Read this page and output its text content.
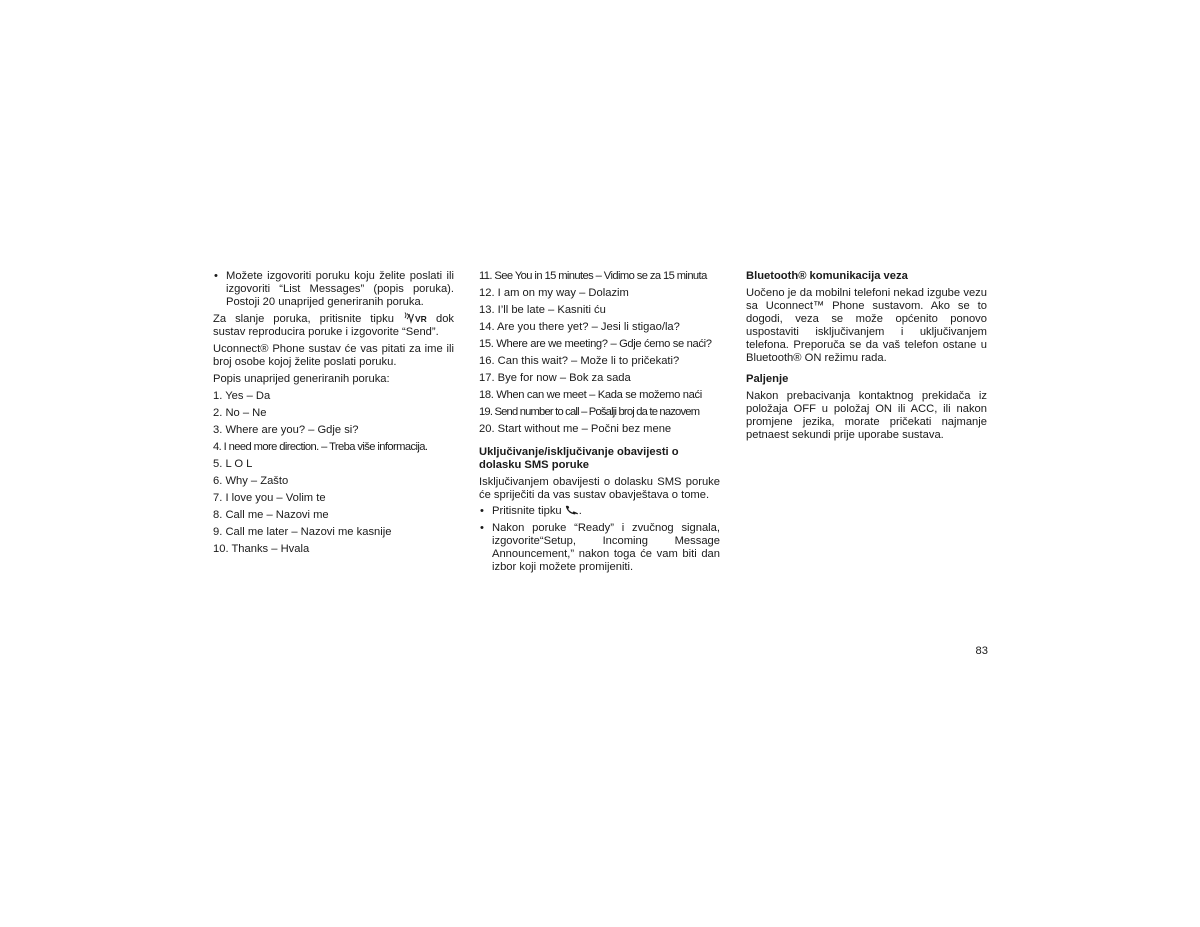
• Možete izgovoriti poruku koju želite poslati ili izgovoriti “List Messages” (popis poruka). Postoji 20 unaprijed generiranih poruka.

Za slanje poruka, pritisnite tipku VR dok sustav reproducira poruke i izgovorite “Send”.

Uconnect® Phone sustav će vas pitati za ime ili broj osobe kojoj želite poslati poruku.

Popis unaprijed generiranih poruka:

1. Yes – Da

2. No – Ne

3. Where are you? – Gdje si?

4. I need more direction. – Treba više informacija.

5. L O L

6. Why – Zašto

7. I love you – Volim te

8. Call me – Nazovi me

9. Call me later – Nazovi me kasnije

10. Thanks – Hvala

11. See You in 15 minutes – Vidimo se za 15 minuta

12. I am on my way – Dolazim

13. I’ll be late – Kasniti ću

14. Are you there yet? – Jesi li stigao/la?

15. Where are we meeting? – Gdje ćemo se naći?

16. Can this wait? – Može li to pričekati?

17. Bye for now – Bok za sada

18. When can we meet – Kada se možemo naći

19. Send number to call – Pošalji broj da te nazovem

20. Start without me – Počni bez mene

Uključivanje/isključivanje obavijesti o dolasku SMS poruke

Isključivanjem obavijesti o dolasku SMS poruke će spriječiti da vas sustav obavještava o tome.

• Pritisnite tipku .
• Nakon poruke “Ready” i zvučnog signala, izgovorite“Setup, Incoming Message Announcement,” nakon toga će vam biti dan izbor koji možete promijeniti.

Bluetooth® komunikacija veza

Uočeno je da mobilni telefoni nekad izgube vezu sa Uconnect™ Phone sustavom. Ako se to dogodi, veza se može općenito ponovo uspostaviti isključivanjem i uključivanjem telefona. Preporuča se da vaš telefon ostane u Bluetooth® ON režimu rada.

Paljenje

Nakon prebacivanja kontaktnog prekidača iz položaja OFF u položaj ON ili ACC, ili nakon promjene jezika, morate pričekati najmanje petnaest sekundi prije uporabe sustava.

83
